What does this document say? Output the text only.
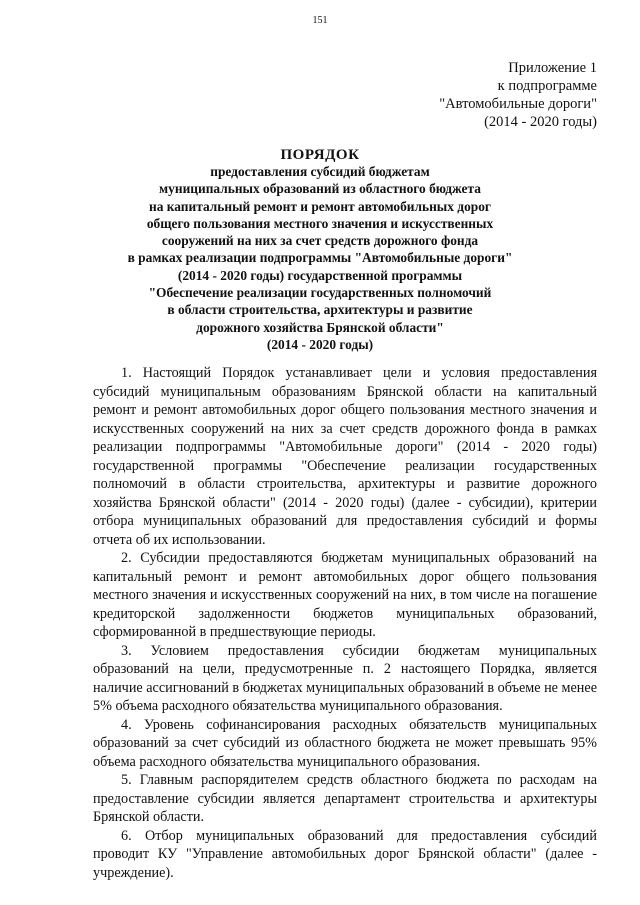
151
Приложение 1
к подпрограмме
"Автомобильные дороги"
(2014 - 2020 годы)
ПОРЯДОК
предоставления субсидий бюджетам
муниципальных образований из областного бюджета
на капитальный ремонт и ремонт автомобильных дорог
общего пользования местного значения и искусственных
сооружений на них за счет средств дорожного фонда
в рамках реализации подпрограммы "Автомобильные дороги"
(2014 - 2020 годы) государственной программы
"Обеспечение реализации государственных полномочий
в области строительства, архитектуры и развитие
дорожного хозяйства Брянской области"
(2014 - 2020 годы)

1. Настоящий Порядок устанавливает цели и условия предоставления субсидий муниципальным образованиям Брянской области на капитальный ремонт и ремонт автомобильных дорог общего пользования местного значения и искусственных сооружений на них за счет средств дорожного фонда в рамках реализации подпрограммы "Автомобильные дороги" (2014 - 2020 годы) государственной программы "Обеспечение реализации государственных полномочий в области строительства, архитектуры и развитие дорожного хозяйства Брянской области" (2014 - 2020 годы) (далее - субсидии), критерии отбора муниципальных образований для предоставления субсидий и формы отчета об их использовании.

2. Субсидии предоставляются бюджетам муниципальных образований на капитальный ремонт и ремонт автомобильных дорог общего пользования местного значения и искусственных сооружений на них, в том числе на погашение кредиторской задолженности бюджетов муниципальных образований, сформированной в предшествующие периоды.

3. Условием предоставления субсидии бюджетам муниципальных образований на цели, предусмотренные п. 2 настоящего Порядка, является наличие ассигнований в бюджетах муниципальных образований в объеме не менее 5% объема расходного обязательства муниципального образования.

4. Уровень софинансирования расходных обязательств муниципальных образований за счет субсидий из областного бюджета не может превышать 95% объема расходного обязательства муниципального образования.

5. Главным распорядителем средств областного бюджета по расходам на предоставление субсидии является департамент строительства и архитектуры Брянской области.

6. Отбор муниципальных образований для предоставления субсидий проводит КУ "Управление автомобильных дорог Брянской области" (далее - учреждение).
